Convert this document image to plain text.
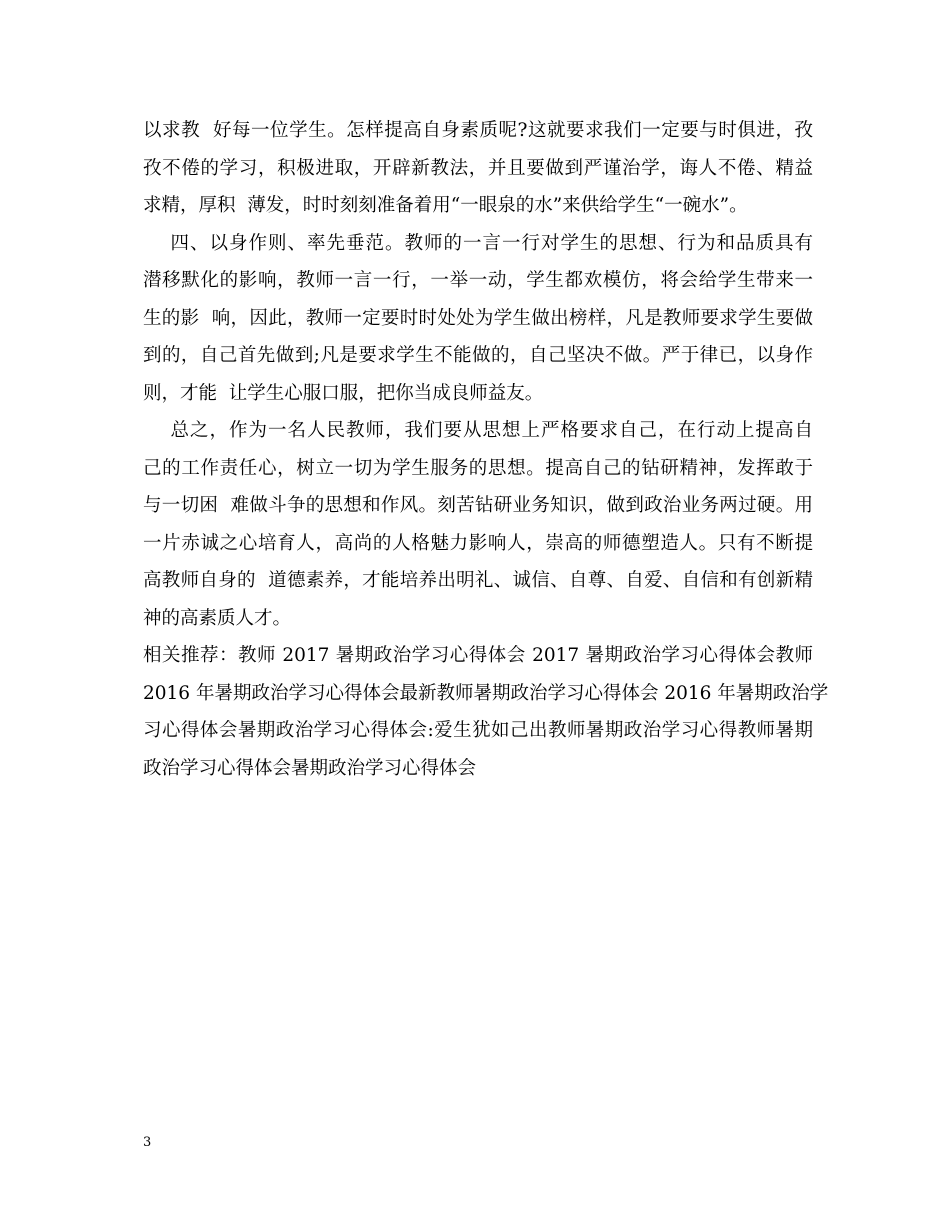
以求教  好每一位学生。怎样提高自身素质呢?这就要求我们一定要与时俱进，孜
孜不倦的学习，积极进取，开辟新教法，并且要做到严谨治学，诲人不倦、精益
求精，厚积  薄发，时时刻刻准备着用“一眼泉的水”来供给学生“一碗水”。
四、以身作则、率先垂范。教师的一言一行对学生的思想、行为和品质具有
潜移默化的影响，教师一言一行，一举一动，学生都欢模仿，将会给学生带来一
生的影  响，因此，教师一定要时时处处为学生做出榜样，凡是教师要求学生要做
到的，自己首先做到;凡是要求学生不能做的，自己坚决不做。严于律已，以身作
则，才能  让学生心服口服，把你当成良师益友。
总之，作为一名人民教师，我们要从思想上严格要求自己，在行动上提高自
己的工作责任心，树立一切为学生服务的思想。提高自己的钻研精神，发挥敢于
与一切困  难做斗争的思想和作风。刻苦钻研业务知识，做到政治业务两过硬。用
一片赤诚之心培育人，高尚的人格魅力影响人，崇高的师德塑造人。只有不断提
高教师自身的  道德素养，才能培养出明礼、诚信、自尊、自爱、自信和有创新精
神的高素质人才。
相关推荐：教师 2017 暑期政治学习心得体会 2017 暑期政治学习心得体会教师
2016 年暑期政治学习心得体会最新教师暑期政治学习心得体会 2016 年暑期政治学
习心得体会暑期政治学习心得体会:爱生犹如己出教师暑期政治学习心得教师暑期
政治学习心得体会暑期政治学习心得体会
3
